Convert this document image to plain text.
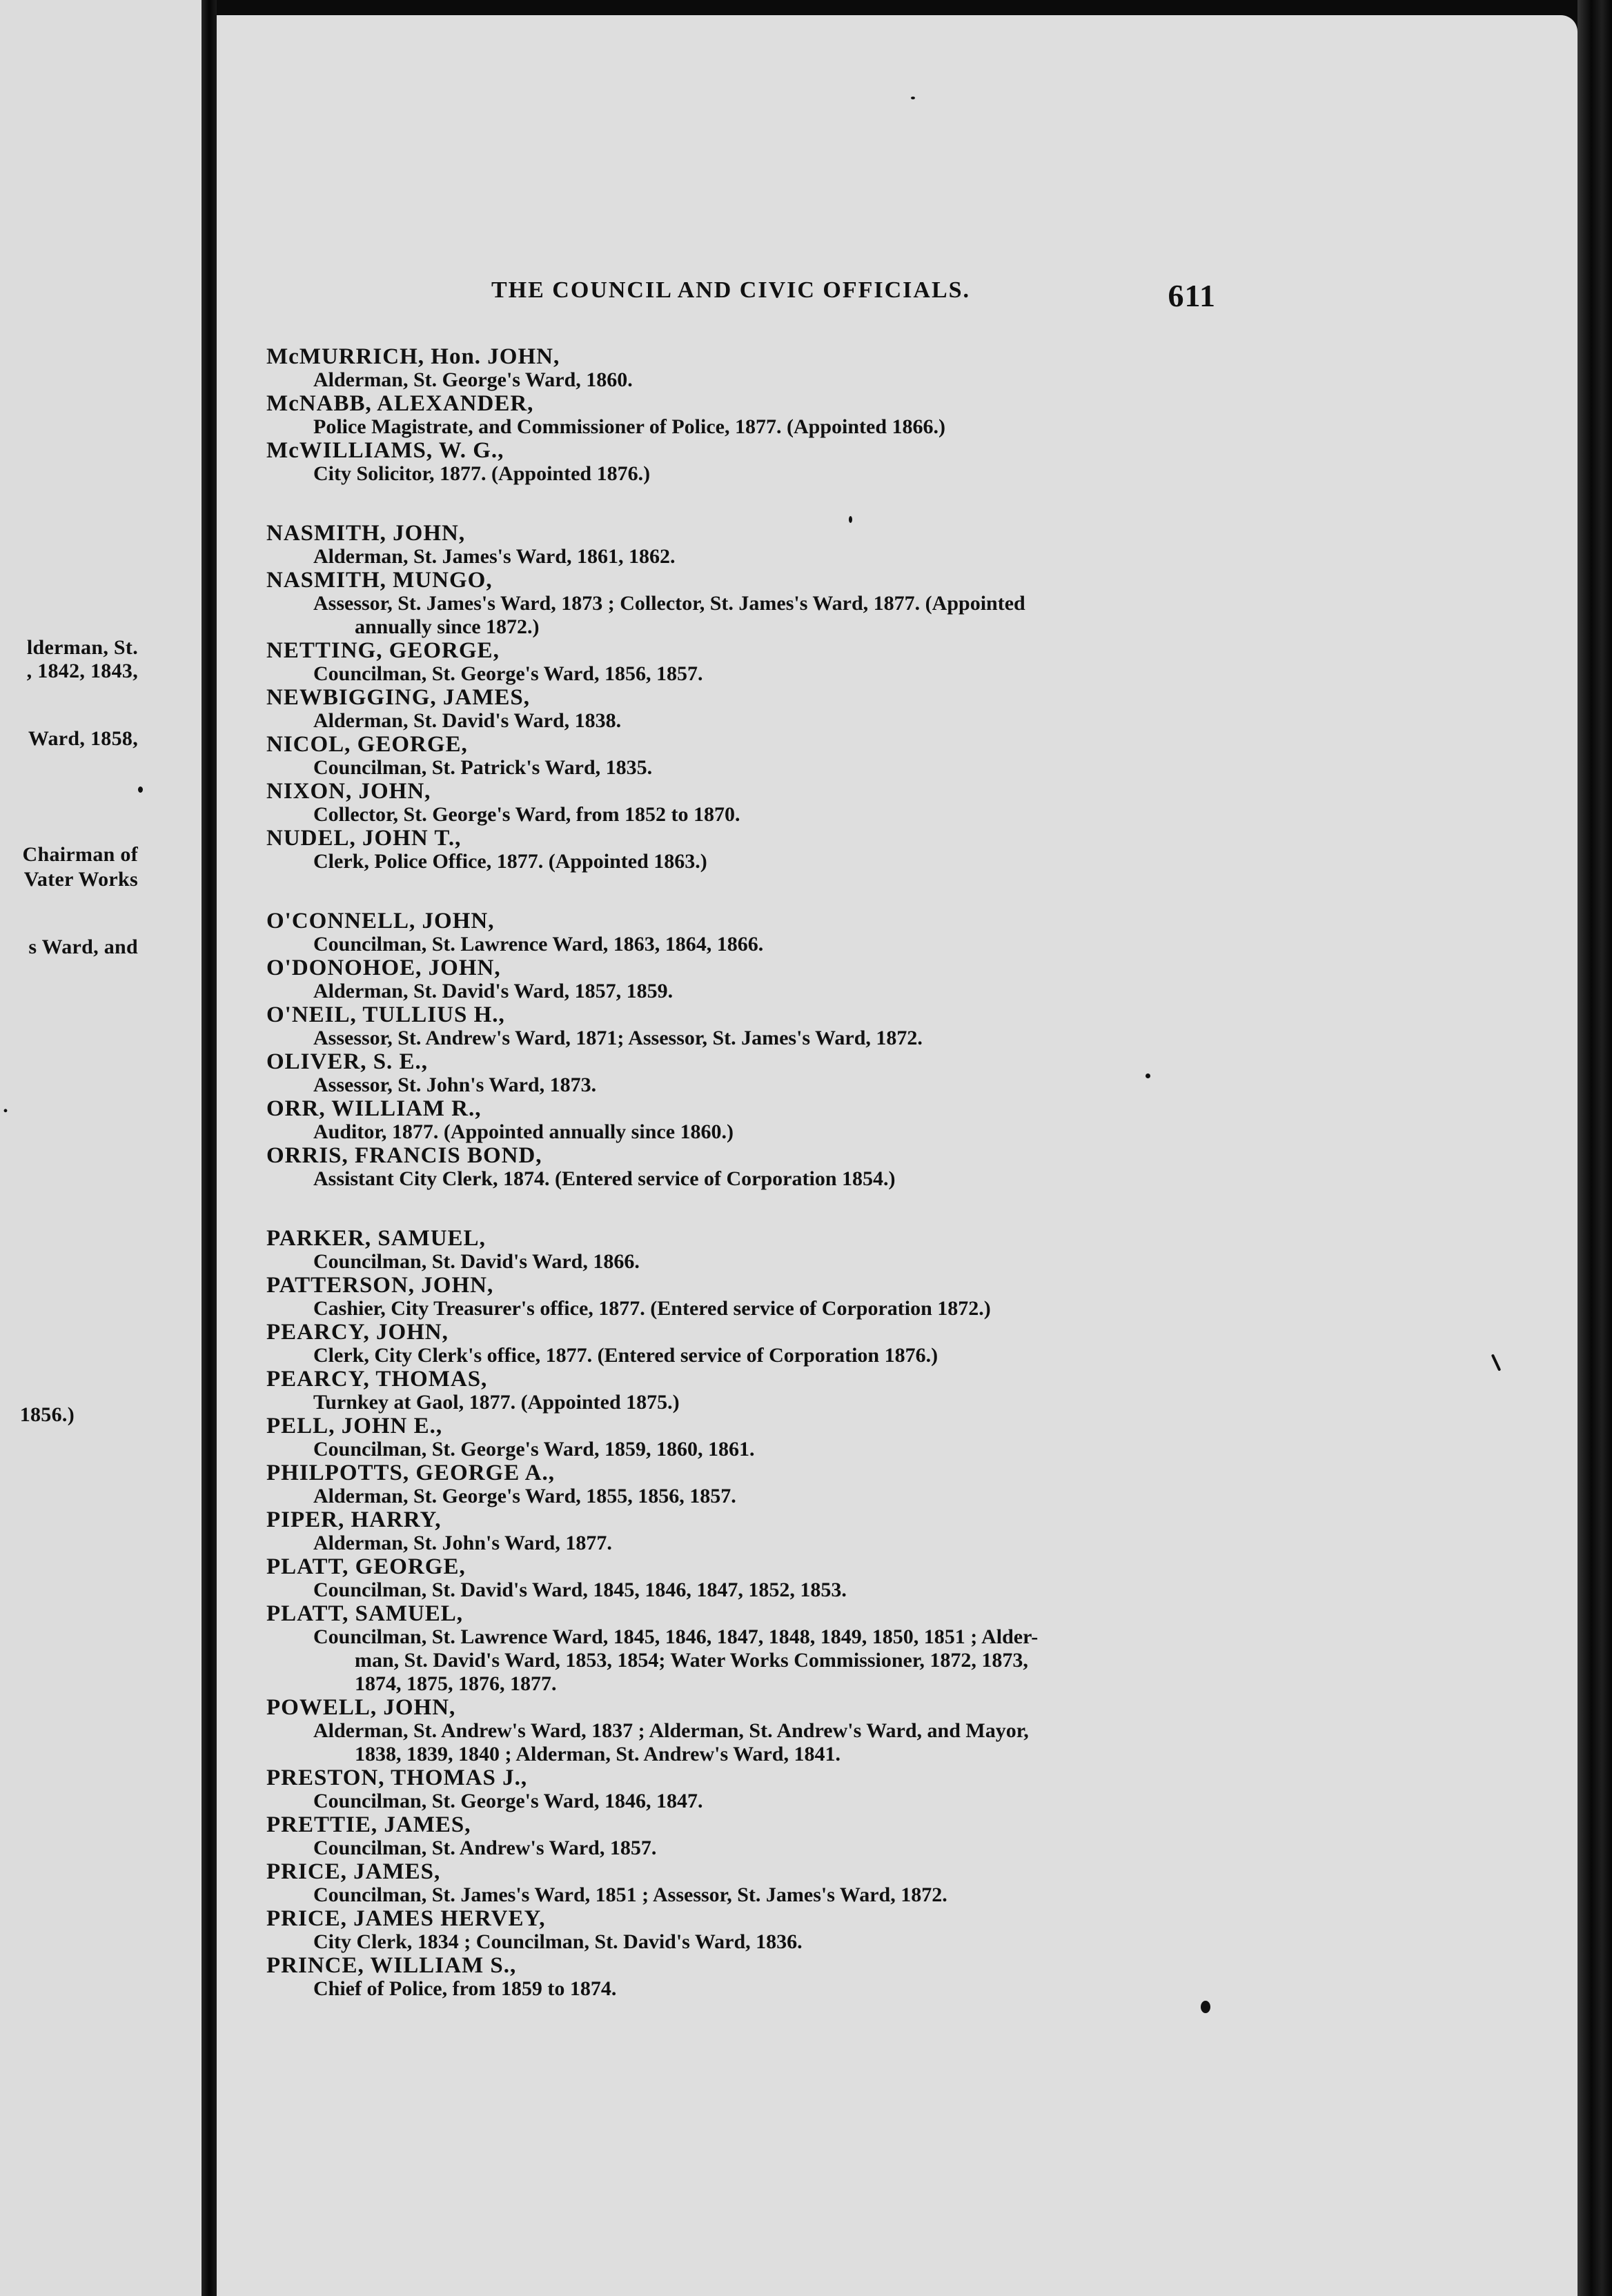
lderman, St.
, 1842, 1843,
Ward, 1858,
Chairman of
Vater Works
s Ward, and
.
1856.)
THE COUNCIL AND CIVIC OFFICIALS.	611
McMURRICH, Hon. JOHN,
Alderman, St. George's Ward, 1860.
McNABB, ALEXANDER,
Police Magistrate, and Commissioner of Police, 1877. (Appointed 1866.)
McWILLIAMS, W. G.,
City Solicitor, 1877. (Appointed 1876.)
NASMITH, JOHN,
Alderman, St. James's Ward, 1861, 1862.
NASMITH, MUNGO,
Assessor, St. James's Ward, 1873 ; Collector, St. James's Ward, 1877. (Appointed
annually since 1872.)
NETTING, GEORGE,
Councilman, St. George's Ward, 1856, 1857.
NEWBIGGING, JAMES,
Alderman, St. David's Ward, 1838.
NICOL, GEORGE,
Councilman, St. Patrick's Ward, 1835.
NIXON, JOHN,
Collector, St. George's Ward, from 1852 to 1870.
NUDEL, JOHN T.,
Clerk, Police Office, 1877. (Appointed 1863.)
O'CONNELL, JOHN,
Councilman, St. Lawrence Ward, 1863, 1864, 1866.
O'DONOHOE, JOHN,
Alderman, St. David's Ward, 1857, 1859.
O'NEIL, TULLIUS H.,
Assessor, St. Andrew's Ward, 1871; Assessor, St. James's Ward, 1872.
OLIVER, S. E.,
Assessor, St. John's Ward, 1873.
ORR, WILLIAM R.,
Auditor, 1877. (Appointed annually since 1860.)
ORRIS, FRANCIS BOND,
Assistant City Clerk, 1874. (Entered service of Corporation 1854.)
PARKER, SAMUEL,
Councilman, St. David's Ward, 1866.
PATTERSON, JOHN,
Cashier, City Treasurer's office, 1877. (Entered service of Corporation 1872.)
PEARCY, JOHN,
Clerk, City Clerk's office, 1877. (Entered service of Corporation 1876.)
PEARCY, THOMAS,
Turnkey at Gaol, 1877. (Appointed 1875.)
PELL, JOHN E.,
Councilman, St. George's Ward, 1859, 1860, 1861.
PHILPOTTS, GEORGE A.,
Alderman, St. George's Ward, 1855, 1856, 1857.
PIPER, HARRY,
Alderman, St. John's Ward, 1877.
PLATT, GEORGE,
Councilman, St. David's Ward, 1845, 1846, 1847, 1852, 1853.
PLATT, SAMUEL,
Councilman, St. Lawrence Ward, 1845, 1846, 1847, 1848, 1849, 1850, 1851 ; Alder-
man, St. David's Ward, 1853, 1854; Water Works Commissioner, 1872, 1873,
1874, 1875, 1876, 1877.
POWELL, JOHN,
Alderman, St. Andrew's Ward, 1837 ; Alderman, St. Andrew's Ward, and Mayor,
1838, 1839, 1840 ; Alderman, St. Andrew's Ward, 1841.
PRESTON, THOMAS J.,
Councilman, St. George's Ward, 1846, 1847.
PRETTIE, JAMES,
Councilman, St. Andrew's Ward, 1857.
PRICE, JAMES,
Councilman, St. James's Ward, 1851 ; Assessor, St. James's Ward, 1872.
PRICE, JAMES HERVEY,
City Clerk, 1834 ; Councilman, St. David's Ward, 1836.
PRINCE, WILLIAM S.,
Chief of Police, from 1859 to 1874.
